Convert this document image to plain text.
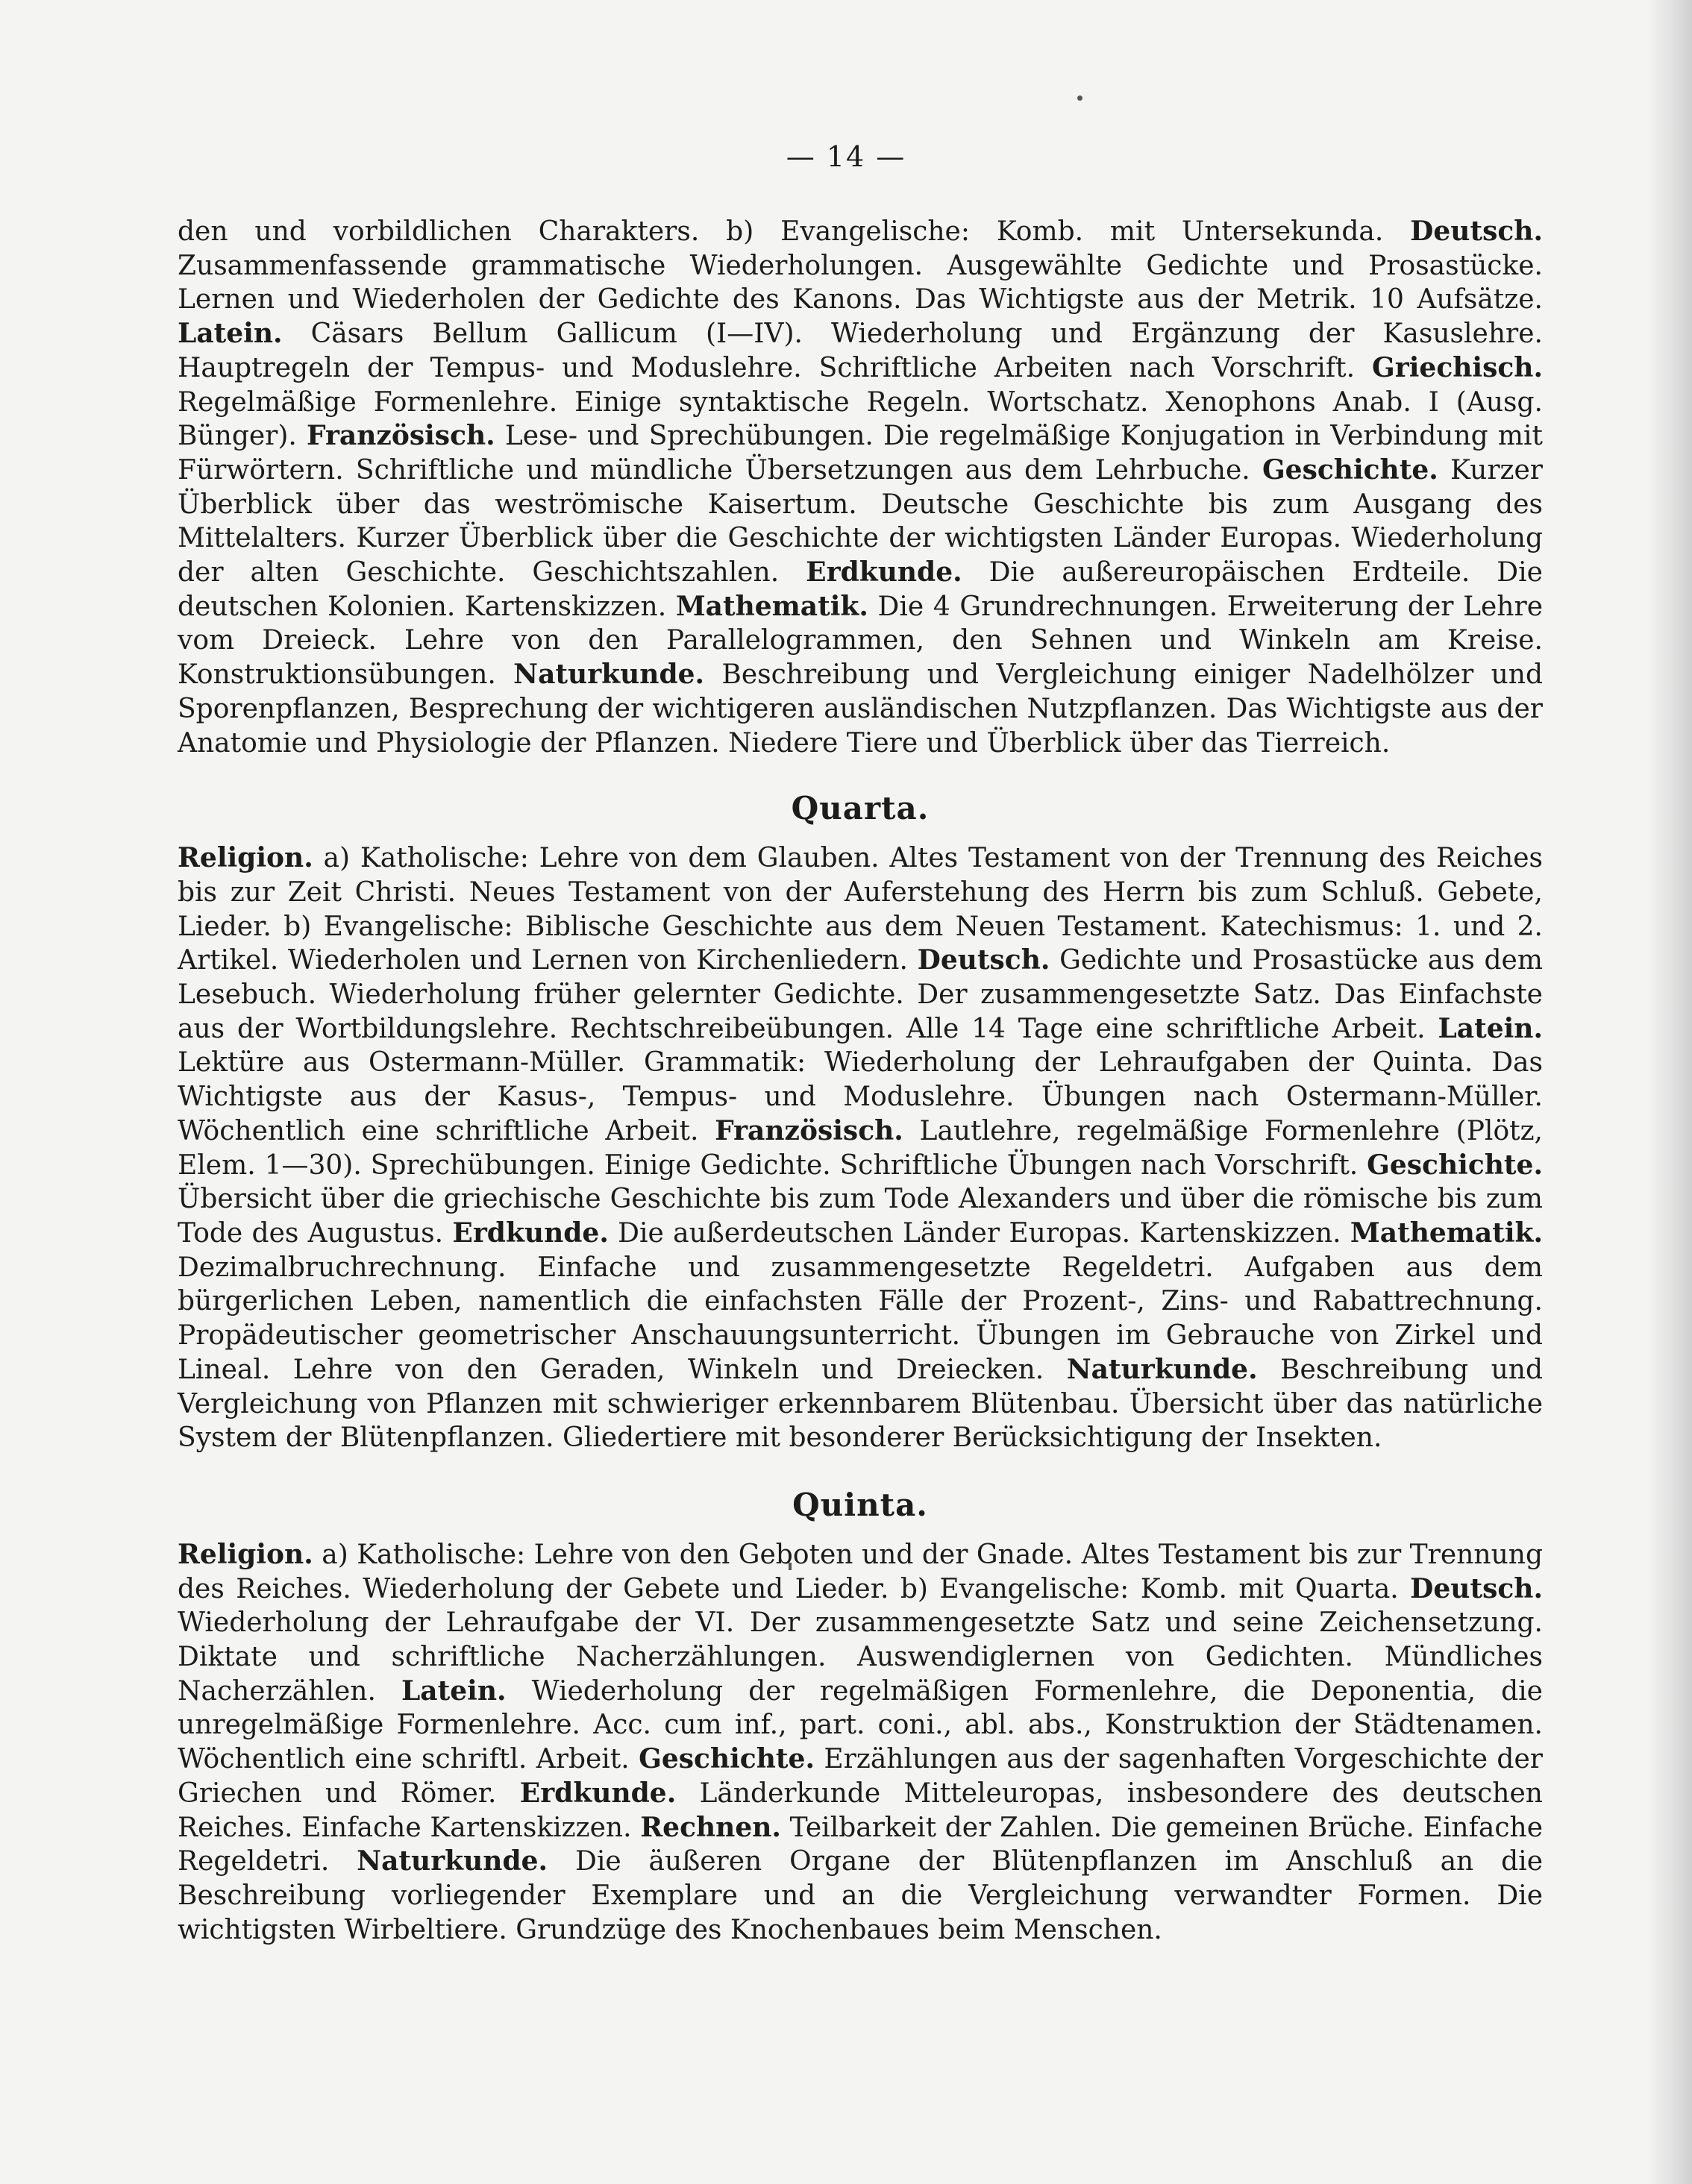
— 14 —

den und vorbildlichen Charakters. b) Evangelische: Komb. mit Untersekunda. Deutsch. Zusammenfassende grammatische Wiederholungen. Ausgewählte Gedichte und Prosastücke. Lernen und Wiederholen der Gedichte des Kanons. Das Wichtigste aus der Metrik. 10 Aufsätze. Latein. Cäsars Bellum Gallicum (I—IV). Wiederholung und Ergänzung der Kasuslehre. Hauptregeln der Tempus- und Moduslehre. Schriftliche Arbeiten nach Vorschrift. Griechisch. Regelmäßige Formenlehre. Einige syntaktische Regeln. Wortschatz. Xenophons Anab. I (Ausg. Bünger). Französisch. Lese- und Sprechübungen. Die regelmäßige Konjugation in Verbindung mit Fürwörtern. Schriftliche und mündliche Übersetzungen aus dem Lehrbuche. Geschichte. Kurzer Überblick über das weströmische Kaisertum. Deutsche Geschichte bis zum Ausgang des Mittelalters. Kurzer Überblick über die Geschichte der wichtigsten Länder Europas. Wiederholung der alten Geschichte. Geschichtszahlen. Erdkunde. Die außereuropäischen Erdteile. Die deutschen Kolonien. Kartenskizzen. Mathematik. Die 4 Grundrechnungen. Erweiterung der Lehre vom Dreieck. Lehre von den Parallelogrammen, den Sehnen und Winkeln am Kreise. Konstruktionsübungen. Naturkunde. Beschreibung und Vergleichung einiger Nadelhölzer und Sporenpflanzen, Besprechung der wichtigeren ausländischen Nutzpflanzen. Das Wichtigste aus der Anatomie und Physiologie der Pflanzen. Niedere Tiere und Überblick über das Tierreich.

Quarta.

Religion. a) Katholische: Lehre von dem Glauben. Altes Testament von der Trennung des Reiches bis zur Zeit Christi. Neues Testament von der Auferstehung des Herrn bis zum Schluß. Gebete, Lieder. b) Evangelische: Biblische Geschichte aus dem Neuen Testament. Katechismus: 1. und 2. Artikel. Wiederholen und Lernen von Kirchenliedern. Deutsch. Gedichte und Prosastücke aus dem Lesebuch. Wiederholung früher gelernter Gedichte. Der zusammengesetzte Satz. Das Einfachste aus der Wortbildungslehre. Rechtschreibeübungen. Alle 14 Tage eine schriftliche Arbeit. Latein. Lektüre aus Ostermann-Müller. Grammatik: Wiederholung der Lehraufgaben der Quinta. Das Wichtigste aus der Kasus-, Tempus- und Moduslehre. Übungen nach Ostermann-Müller. Wöchentlich eine schriftliche Arbeit. Französisch. Lautlehre, regelmäßige Formenlehre (Plötz, Elem. 1—30). Sprechübungen. Einige Gedichte. Schriftliche Übungen nach Vorschrift. Geschichte. Übersicht über die griechische Geschichte bis zum Tode Alexanders und über die römische bis zum Tode des Augustus. Erdkunde. Die außerdeutschen Länder Europas. Kartenskizzen. Mathematik. Dezimalbruchrechnung. Einfache und zusammengesetzte Regeldetri. Aufgaben aus dem bürgerlichen Leben, namentlich die einfachsten Fälle der Prozent-, Zins- und Rabattrechnung. Propädeutischer geometrischer Anschauungsunterricht. Übungen im Gebrauche von Zirkel und Lineal. Lehre von den Geraden, Winkeln und Dreiecken. Naturkunde. Beschreibung und Vergleichung von Pflanzen mit schwieriger erkennbarem Blütenbau. Übersicht über das natürliche System der Blütenpflanzen. Gliedertiere mit besonderer Berücksichtigung der Insekten.

Quinta.

Religion. a) Katholische: Lehre von den Geboten und der Gnade. Altes Testament bis zur Trennung des Reiches. Wiederholung der Gebete und Lieder. b) Evangelische: Komb. mit Quarta. Deutsch. Wiederholung der Lehraufgabe der VI. Der zusammengesetzte Satz und seine Zeichensetzung. Diktate und schriftliche Nacherzählungen. Auswendiglernen von Gedichten. Mündliches Nacherzählen. Latein. Wiederholung der regelmäßigen Formenlehre, die Deponentia, die unregelmäßige Formenlehre. Acc. cum inf., part. coni., abl. abs., Konstruktion der Städtenamen. Wöchentlich eine schriftl. Arbeit. Geschichte. Erzählungen aus der sagenhaften Vorgeschichte der Griechen und Römer. Erdkunde. Länderkunde Mitteleuropas, insbesondere des deutschen Reiches. Einfache Kartenskizzen. Rechnen. Teilbarkeit der Zahlen. Die gemeinen Brüche. Einfache Regeldetri. Naturkunde. Die äußeren Organe der Blütenpflanzen im Anschluß an die Beschreibung vorliegender Exemplare und an die Vergleichung verwandter Formen. Die wichtigsten Wirbeltiere. Grundzüge des Knochenbaues beim Menschen.
